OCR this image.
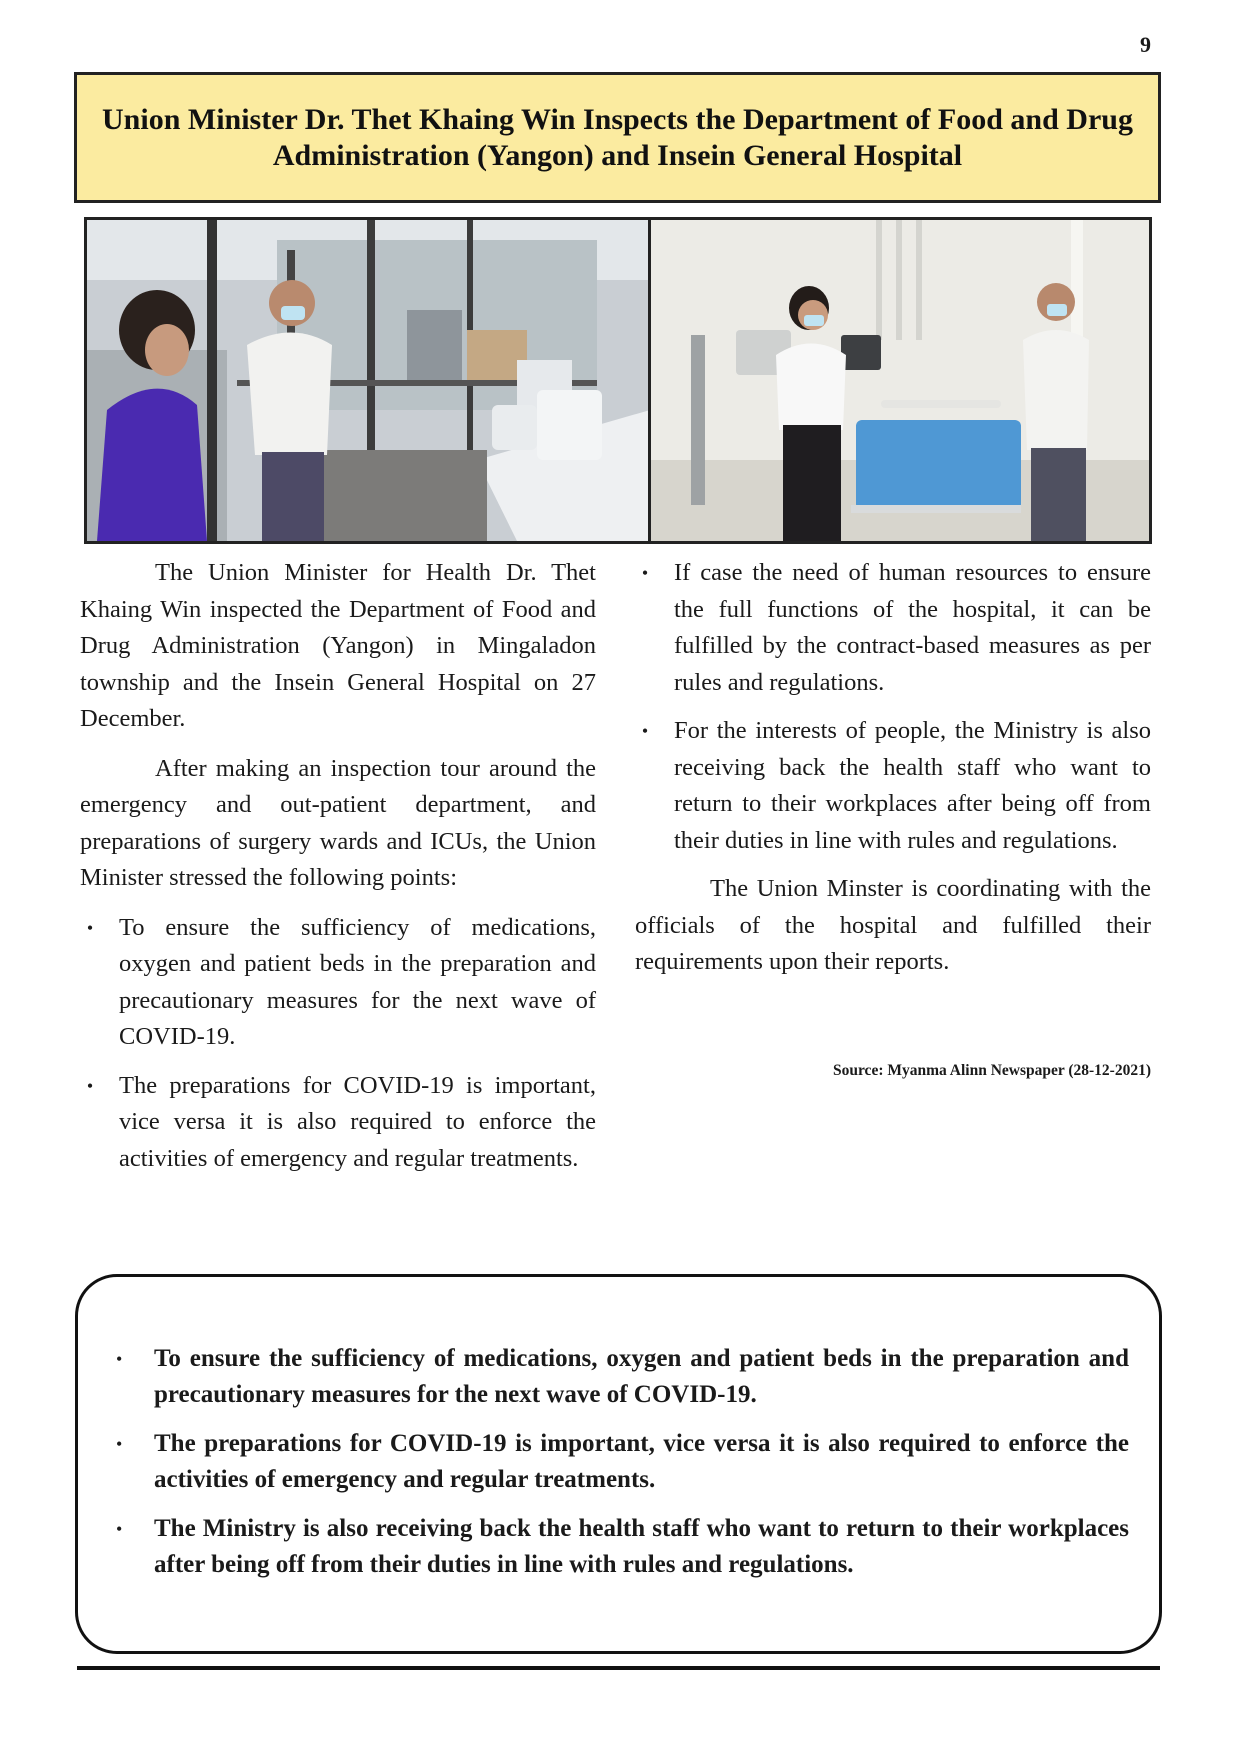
9
Union Minister Dr. Thet Khaing Win Inspects the Department of Food and Drug Administration (Yangon) and Insein General Hospital

The Union Minister for Health Dr. Thet Khaing Win inspected the Department of Food and Drug Administration (Yangon) in Mingaladon township and the Insein General Hospital on 27 December.

After making an inspection tour around the emergency and out-patient department, and preparations of surgery wards and ICUs, the Union Minister stressed the following points:

• To ensure the sufficiency of medications, oxygen and patient beds in the preparation and precautionary measures for the next wave of COVID-19.
• The preparations for COVID-19 is important, vice versa it is also required to enforce the activities of emergency and regular treatments.
• If case the need of human resources to ensure the full functions of the hospital, it can be fulfilled by the contract-based measures as per rules and regulations.
• For the interests of people, the Ministry is also receiving back the health staff who want to return to their workplaces after being off from their duties in line with rules and regulations.

The Union Minster is coordinating with the officials of the hospital and fulfilled their requirements upon their reports.

Source: Myanma Alinn Newspaper (28-12-2021)
• To ensure the sufficiency of medications, oxygen and patient beds in the preparation and precautionary measures for the next wave of COVID-19.
• The preparations for COVID-19 is important, vice versa it is also required to enforce the activities of emergency and regular treatments.
• The Ministry is also receiving back the health staff who want to return to their workplaces after being off from their duties in line with rules and regulations.
